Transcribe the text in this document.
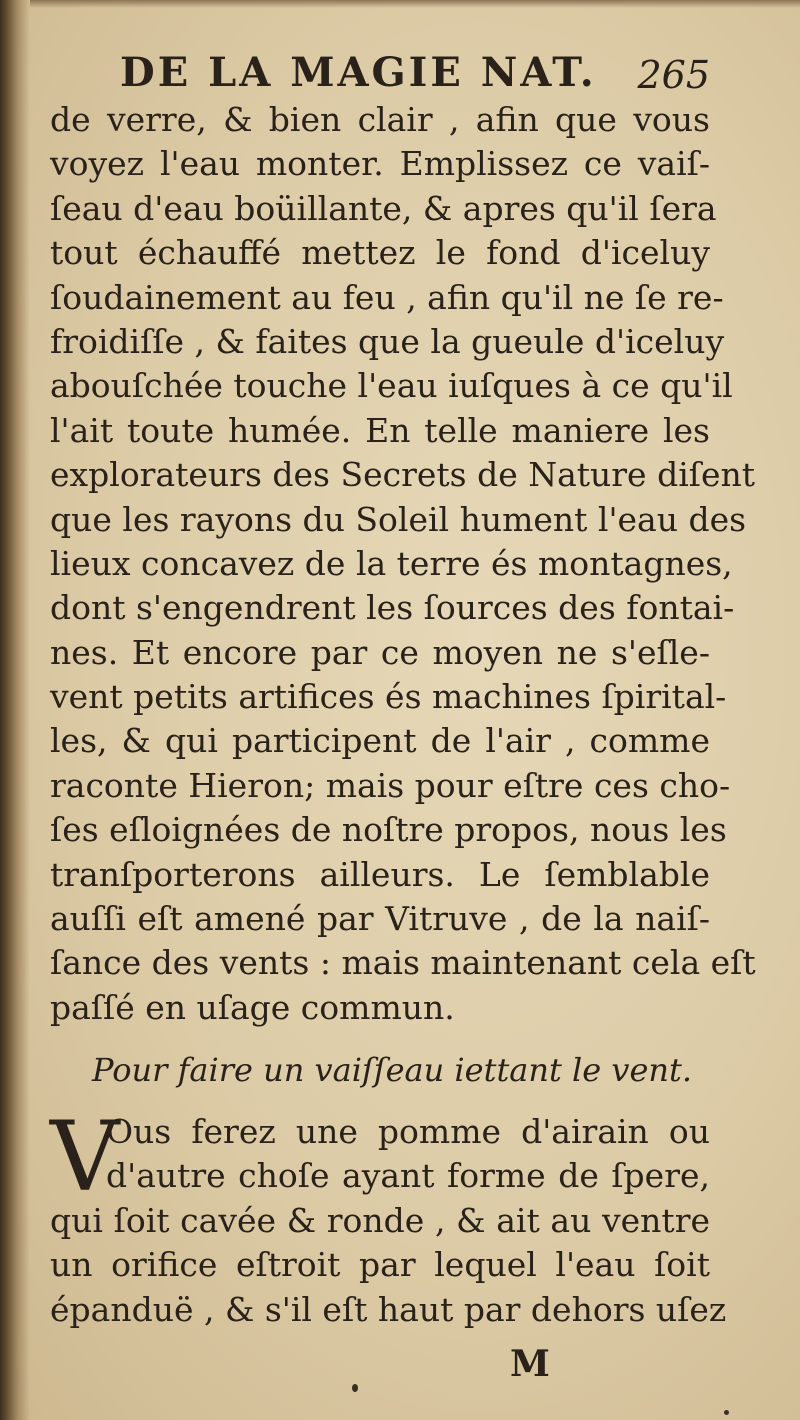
DE LA MAGIE NAT. 265
de verre, & bien clair , afin que vous
voyez l'eau monter. Emplissez ce vaiſ-
ſeau d'eau boüillante, & apres qu'il ſera
tout échauffé mettez le fond d'iceluy
ſoudainement au feu , afin qu'il ne ſe re-
froidiſſe , & faites que la gueule d'iceluy
abouſchée touche l'eau iuſques à ce qu'il
l'ait toute humée. En telle maniere les
explorateurs des Secrets de Nature diſent
que les rayons du Soleil hument l'eau des
lieux concavez de la terre és montagnes,
dont s'engendrent les ſources des fontai-
nes. Et encore par ce moyen ne s'eſle-
vent petits artifices és machines ſpirital-
les, & qui participent de l'air , comme
raconte Hieron; mais pour eſtre ces cho-
ſes eſloignées de noſtre propos, nous les
tranſporterons ailleurs. Le ſemblable
auſſi eſt amené par Vitruve , de la naiſ-
ſance des vents : mais maintenant cela eſt
paſſé en uſage commun.
Pour faire un vaiſſeau iettant le vent.
V
Ous ferez une pomme d'airain ou
d'autre choſe ayant forme de ſpere,
qui ſoit cavée & ronde , & ait au ventre
un orifice eſtroit par lequel l'eau ſoit
épanduë , & s'il eſt haut par dehors uſez
M
